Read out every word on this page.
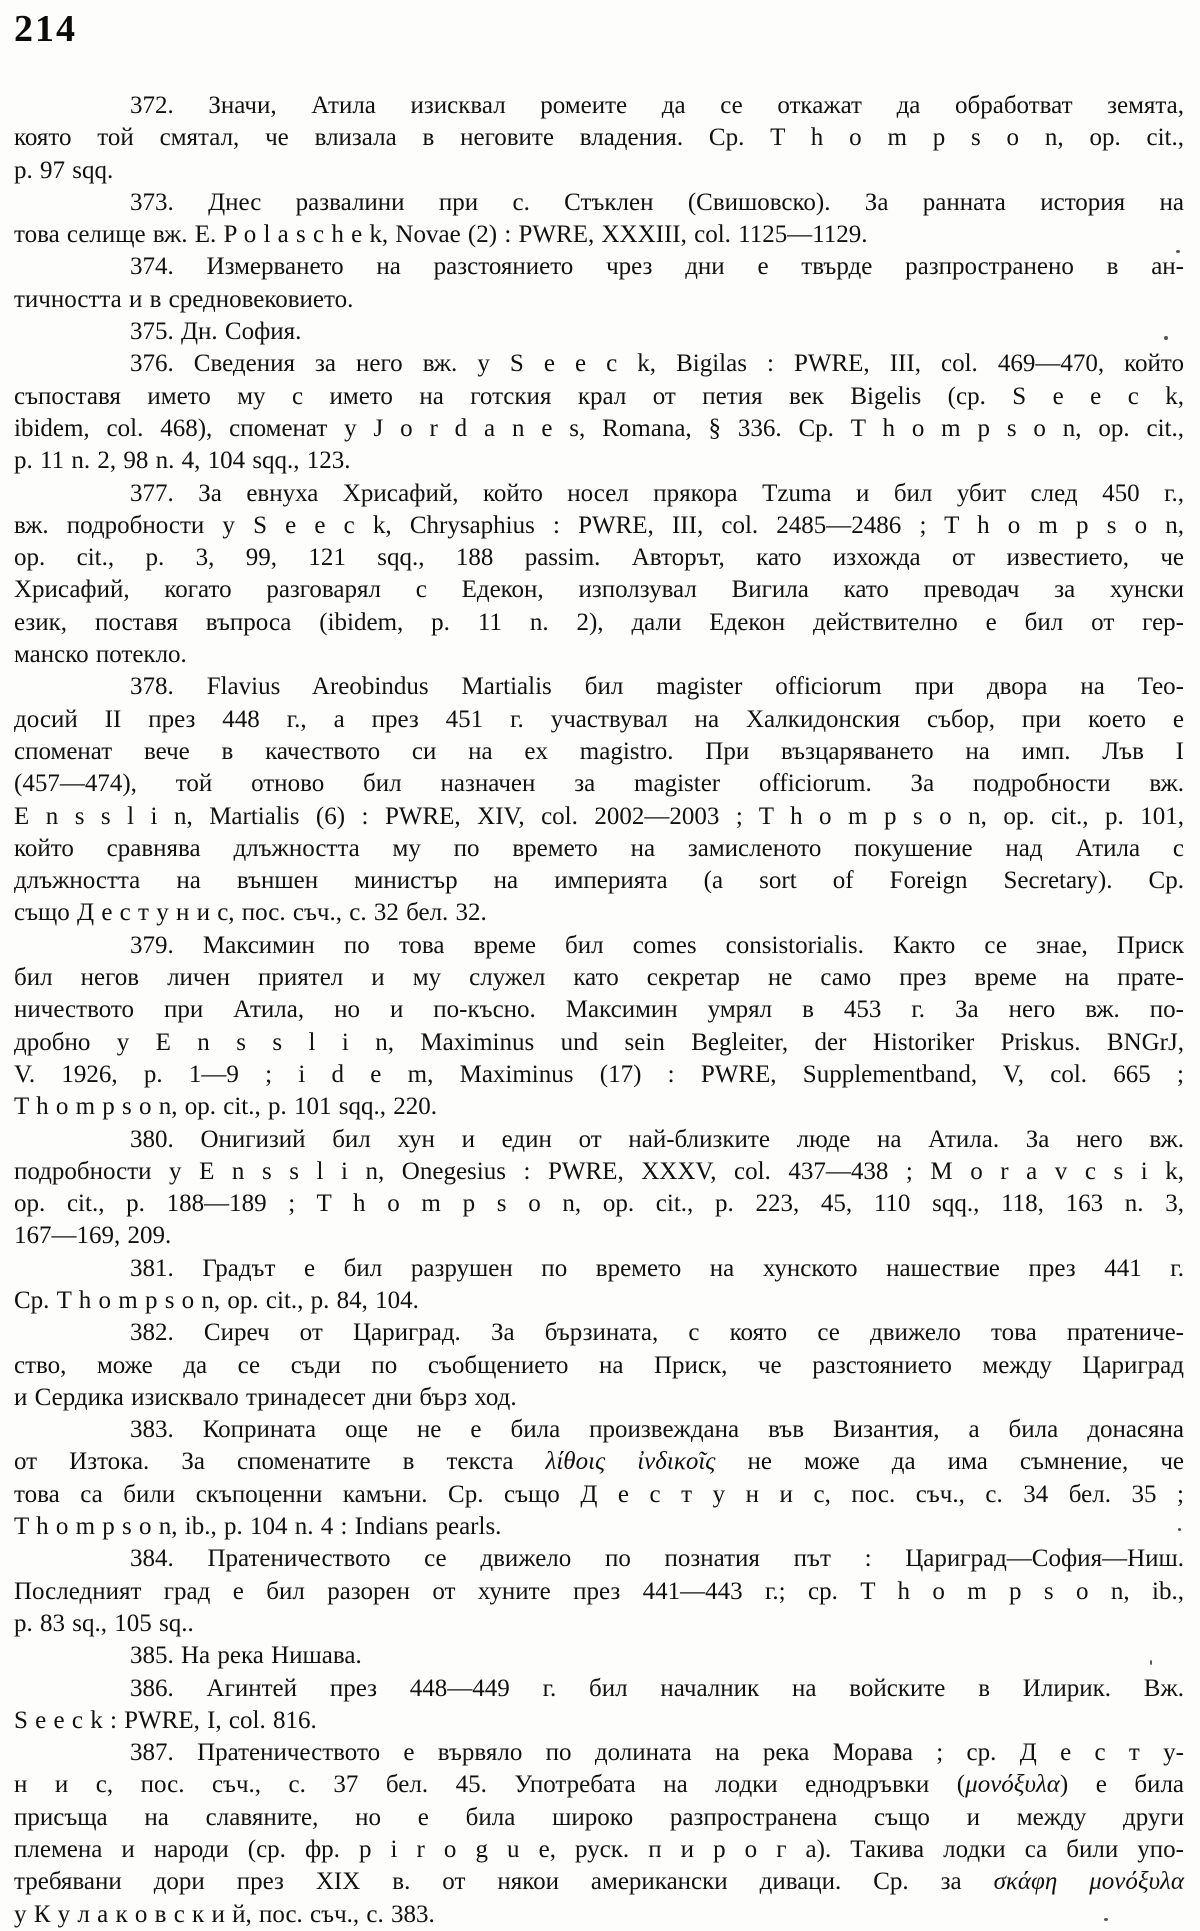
214
372. Значи, Атила изисквал ромеите да се откажат да обработват земята,
която той смятал, че влизала в неговите владения. Ср. T h o m p s o n, op. cit.,
p. 97 sqq.
373. Днес развалини при с. Стъклен (Свишовско). За ранната история на
това селище вж. Е. P o l a s c h e k, Novae (2) : PWRE, XXXIII, col. 1125—1129.
374. Измерването на разстоянието чрез дни е твърде разпространено в ан-
тичността и в средновековието.
375. Дн. София.
376. Сведения за него вж. у S e e c k, Bigilas : PWRE, III, col. 469—470, който
съпоставя името му с името на готския крал от петия век Bigelis (ср. S e e c k,
ibidem, col. 468), споменат у J o r d a n e s, Romana, § 336. Ср. T h o m p s o n, op. cit.,
p. 11 n. 2, 98 n. 4, 104 sqq., 123.
377. За евнуха Хрисафий, който носел прякора Tzuma и бил убит след 450 г.,
вж. подробности у S e e c k, Chrysaphius : PWRE, III, col. 2485—2486 ; T h o m p s o n,
op. cit., p. 3, 99, 121 sqq., 188 passim. Авторът, като изхожда от известието, че
Хрисафий, когато разговарял с Едекон, използувал Вигила като преводач за хунски
език, поставя въпроса (ibidem, p. 11 n. 2), дали Едекон действително е бил от гер-
манско потекло.
378. Flavius Areobindus Martialis бил magister officiorum при двора на Тео-
досий II през 448 г., а през 451 г. участвувал на Халкидонския събор, при което е
споменат вече в качеството си на ex magistro. При възцаряването на имп. Лъв I
(457—474), той отново бил назначен за magister officiorum. За подробности вж.
E n s s l i n, Martialis (6) : PWRE, XIV, col. 2002—2003 ; T h o m p s o n, op. cit., p. 101,
който сравнява длъжността му по времето на замисленото покушение над Атила с
длъжността на външен министър на империята (a sort of Foreign Secretary). Ср.
също Д е с т у н и с, пос. съч., с. 32 бел. 32.
379. Максимин по това време бил comes consistorialis. Както се знае, Приск
бил негов личен приятел и му служел като секретар не само през време на прате-
ничеството при Атила, но и по-късно. Максимин умрял в 453 г. За него вж. по-
дробно у E n s s l i n, Maximinus und sein Begleiter, der Historiker Priskus. BNGrJ,
V. 1926, p. 1—9 ; i d e m, Maximinus (17) : PWRE, Supplementband, V, col. 665 ;
T h o m p s o n, op. cit., p. 101 sqq., 220.
380. Онигизий бил хун и един от най-близките люде на Атила. За него вж.
подробности у E n s s l i n, Onegesius : PWRE, XXXV, col. 437—438 ; M o r a v c s i k,
op. cit., p. 188—189 ; T h o m p s o n, op. cit., p. 223, 45, 110 sqq., 118, 163 n. 3,
167—169, 209.
381. Градът е бил разрушен по времето на хунското нашествие през 441 г.
Ср. T h o m p s o n, op. cit., p. 84, 104.
382. Сиреч от Цариград. За бързината, с която се движело това пратениче-
ство, може да се съди по съобщението на Приск, че разстоянието между Цариград
и Сердика изисквало тринадесет дни бърз ход.
383. Коприната още не е била произвеждана във Византия, а била донасяна
от Изтока. За споменатите в текста λίθοις ἰνδικοῖς не може да има съмнение, че
това са били скъпоценни камъни. Ср. също Д е с т у н и с, пос. съч., с. 34 бел. 35 ;
T h o m p s o n, ib., p. 104 n. 4 : Indians pearls.
384. Пратеничеството се движело по познатия път : Цариград—София—Ниш.
Последният град е бил разорен от хуните през 441—443 г.; ср. T h o m p s o n, ib.,
p. 83 sq., 105 sq..
385. На река Нишава.
386. Агинтей през 448—449 г. бил началник на войските в Илирик. Вж.
S e e c k : PWRE, I, col. 816.
387. Пратеничеството е вървяло по долината на река Морава ; ср. Д е с т у-
н и с, пос. съч., с. 37 бел. 45. Употребата на лодки еднодръвки (μονόξυλα) е била
присъща на славяните, но е била широко разпространена също и между други
племена и народи (ср. фр. p i r o g u e, руск. п и р о г а). Такива лодки са били упо-
требявани дори през XIX в. от някои американски диваци. Ср. за σκάφη μονόξυλα
у К у л а к о в с к и й, пос. съч., с. 383.
